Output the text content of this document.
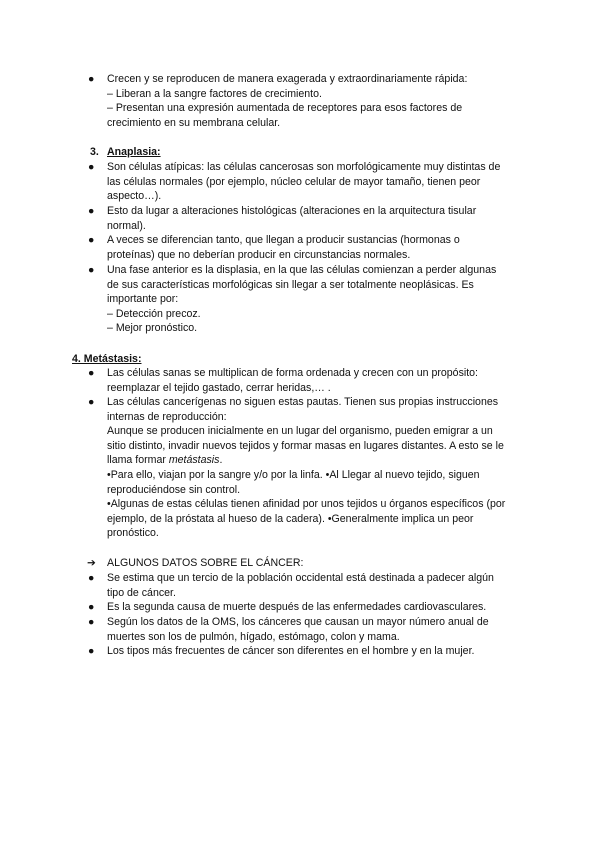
● Crecen y se reproducen de manera exagerada y extraordinariamente rápida:
– Liberan a la sangre factores de crecimiento.
– Presentan una expresión aumentada de receptores para esos factores de
crecimiento en su membrana celular.
3. Anaplasia:
● Son células atípicas: las células cancerosas son morfológicamente muy distintas de
las células normales (por ejemplo, núcleo celular de mayor tamaño, tienen peor
aspecto…).
● Esto da lugar a alteraciones histológicas (alteraciones en la arquitectura tisular
normal).
● A veces se diferencian tanto, que llegan a producir sustancias (hormonas o
proteínas) que no deberían producir en circunstancias normales.
● Una fase anterior es la displasia, en la que las células comienzan a perder algunas
de sus características morfológicas sin llegar a ser totalmente neoplásicas. Es
importante por:
– Detección precoz.
– Mejor pronóstico.
4. Metástasis:
● Las células sanas se multiplican de forma ordenada y crecen con un propósito:
reemplazar el tejido gastado, cerrar heridas,… .
● Las células cancerígenas no siguen estas pautas. Tienen sus propias instrucciones
internas de reproducción:
Aunque se producen inicialmente en un lugar del organismo, pueden emigrar a un
sitio distinto, invadir nuevos tejidos y formar masas en lugares distantes. A esto se le
llama formar metástasis.
•Para ello, viajan por la sangre y/o por la linfa. •Al Llegar al nuevo tejido, siguen
reproduciéndose sin control.
•Algunas de estas células tienen afinidad por unos tejidos u órganos específicos (por
ejemplo, de la próstata al hueso de la cadera). •Generalmente implica un peor
pronóstico.
➔ ALGUNOS DATOS SOBRE EL CÁNCER:
● Se estima que un tercio de la población occidental está destinada a padecer algún
tipo de cáncer.
● Es la segunda causa de muerte después de las enfermedades cardiovasculares.
● Según los datos de la OMS, los cánceres que causan un mayor número anual de
muertes son los de pulmón, hígado, estómago, colon y mama.
● Los tipos más frecuentes de cáncer son diferentes en el hombre y en la mujer.
